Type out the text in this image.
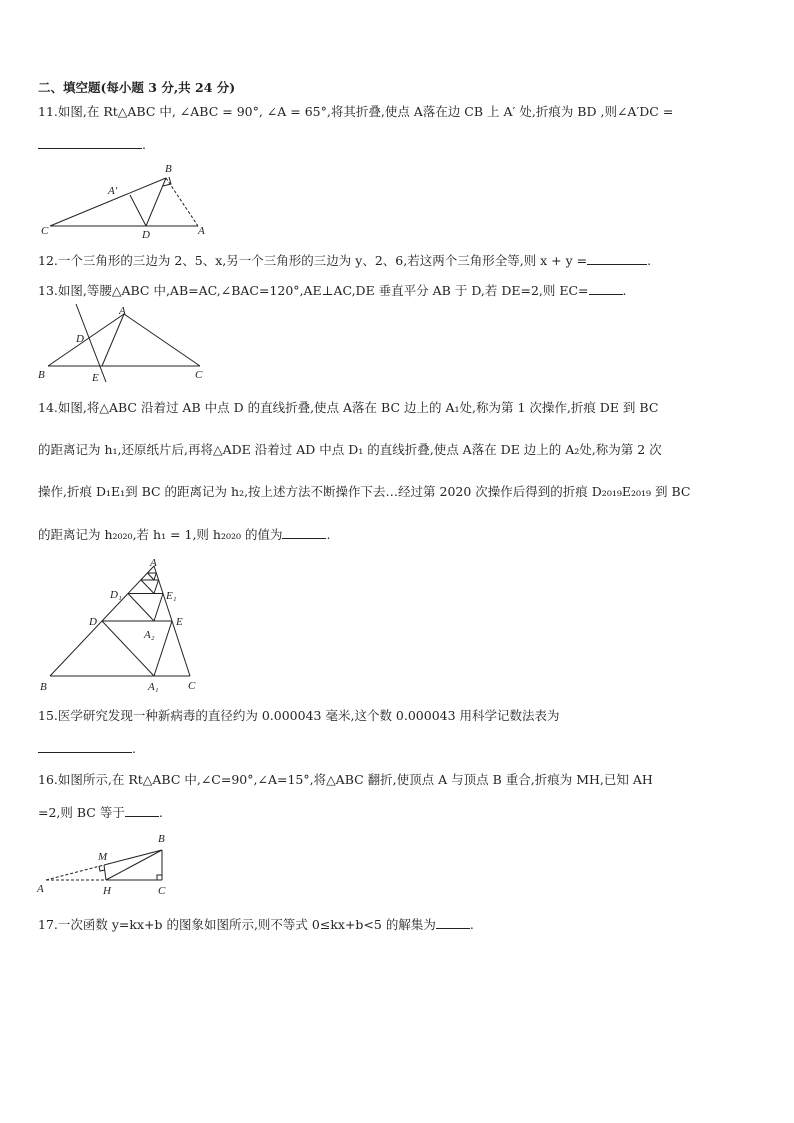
二、填空题(每小题 3 分,共 24 分)
11.如图,在 Rt△ABC 中, ∠ABC = 90°, ∠A = 65°,将其折叠,使点 A落在边 CB 上 A′ 处,折痕为 BD ,则∠A′DC =
.
B
A′
C	D	A
12.一个三角形的三边为 2、5、x,另一个三角形的三边为 y、2、6,若这两个三角形全等,则 x + y =	.
13.如图,等腰△ABC 中,AB=AC,∠BAC=120°,AE⊥AC,DE 垂直平分 AB 于 D,若 DE=2,则 EC=	.
A
D
B	E	C
14.如图,将△ABC 沿着过 AB 中点 D 的直线折叠,使点 A落在 BC 边上的 A₁处,称为第 1 次操作,折痕 DE 到 BC
的距离记为 h₁,还原纸片后,再将△ADE 沿着过 AD 中点 D₁ 的直线折叠,使点 A落在 DE 边上的 A₂处,称为第 2 次
操作,折痕 D₁E₁到 BC 的距离记为 h₂,按上述方法不断操作下去…经过第 2020 次操作后得到的折痕 D₂₀₁₉E₂₀₁₉ 到 BC
的距离记为 h₂₀₂₀,若 h₁ = 1,则 h₂₀₂₀ 的值为	.
A
D₁	E₁
D	E
A₂
B	A₁	C
15.医学研究发现一种新病毒的直径约为 0.000043 毫米,这个数 0.000043 用科学记数法表为
.
16.如图所示,在 Rt△ABC 中,∠C=90°,∠A=15°,将△ABC 翻折,使顶点 A 与顶点 B 重合,折痕为 MH,已知 AH
=2,则 BC 等于	.
B
M
A	H	C
17.一次函数 y=kx+b 的图象如图所示,则不等式 0≤kx+b<5 的解集为	.
